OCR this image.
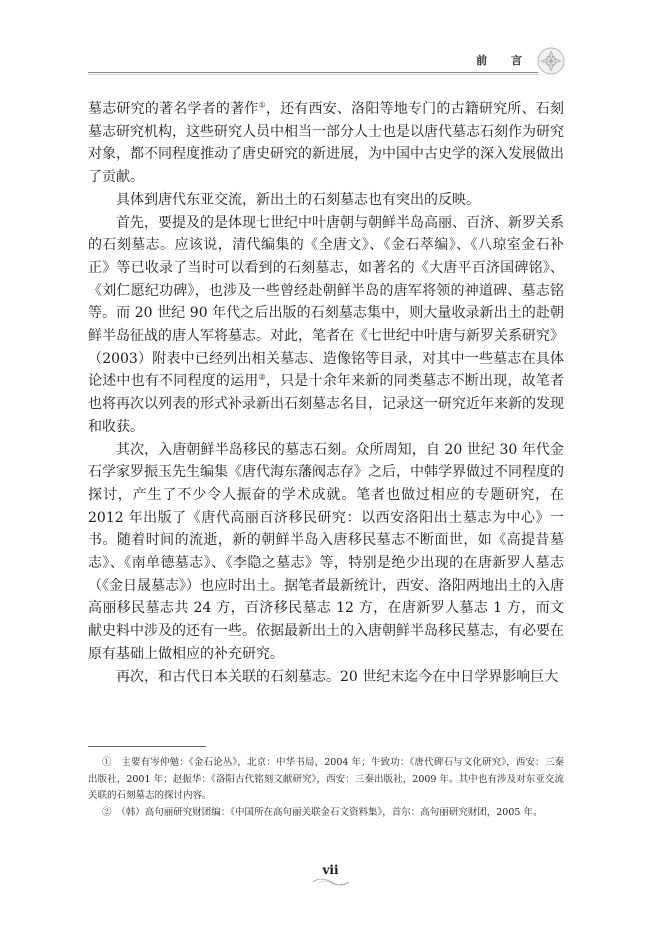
前 言

墓志研究的著名学者的著作①，还有西安、洛阳等地专门的古籍研究所、石刻墓志研究机构，这些研究人员中相当一部分人士也是以唐代墓志石刻作为研究对象，都不同程度推动了唐史研究的新进展，为中国中古史学的深入发展做出了贡献。

具体到唐代东亚交流，新出土的石刻墓志也有突出的反映。

首先，要提及的是体现七世纪中叶唐朝与朝鲜半岛高丽、百济、新罗关系的石刻墓志。应该说，清代编集的《全唐文》、《金石萃编》、《八琼室金石补正》等已收录了当时可以看到的石刻墓志，如著名的《大唐平百济国碑铭》、《刘仁愿纪功碑》，也涉及一些曾经赴朝鲜半岛的唐军将领的神道碑、墓志铭等。而 20 世纪 90 年代之后出版的石刻墓志集中，则大量收录新出土的赴朝鲜半岛征战的唐人军将墓志。对此，笔者在《七世纪中叶唐与新罗关系研究》（2003）附表中已经列出相关墓志、造像铭等目录，对其中一些墓志在具体论述中也有不同程度的运用②，只是十余年来新的同类墓志不断出现，故笔者也将再次以列表的形式补录新出石刻墓志名目，记录这一研究近年来新的发现和收获。

其次，入唐朝鲜半岛移民的墓志石刻。众所周知，自 20 世纪 30 年代金石学家罗振玉先生编集《唐代海东藩阀志存》之后，中韩学界做过不同程度的探讨，产生了不少令人振奋的学术成就。笔者也做过相应的专题研究，在 2012 年出版了《唐代高丽百济移民研究：以西安洛阳出土墓志为中心》一书。随着时间的流逝，新的朝鲜半岛入唐移民墓志不断面世，如《高提昔墓志》、《南单德墓志》、《李隐之墓志》等，特别是绝少出现的在唐新罗人墓志（《金日晟墓志》）也应时出土。据笔者最新统计，西安、洛阳两地出土的入唐高丽移民墓志共 24 方，百济移民墓志 12 方，在唐新罗人墓志 1 方，而文献史料中涉及的还有一些。依据最新出土的入唐朝鲜半岛移民墓志，有必要在原有基础上做相应的补充研究。

再次，和古代日本关联的石刻墓志。20 世纪末迄今在中日学界影响巨大

①　主要有岑仲勉：《金石论丛》，北京：中华书局，2004 年；牛致功：《唐代碑石与文化研究》，西安：三秦出版社，2001 年；赵振华：《洛阳古代铭刻文献研究》，西安：三秦出版社，2009 年。其中也有涉及对东亚交流关联的石刻墓志的探讨内容。

②　（韩）高句丽研究财团编：《中国所在高句丽关联金石文资料集》，首尔：高句丽研究财团，2005 年。

vii
